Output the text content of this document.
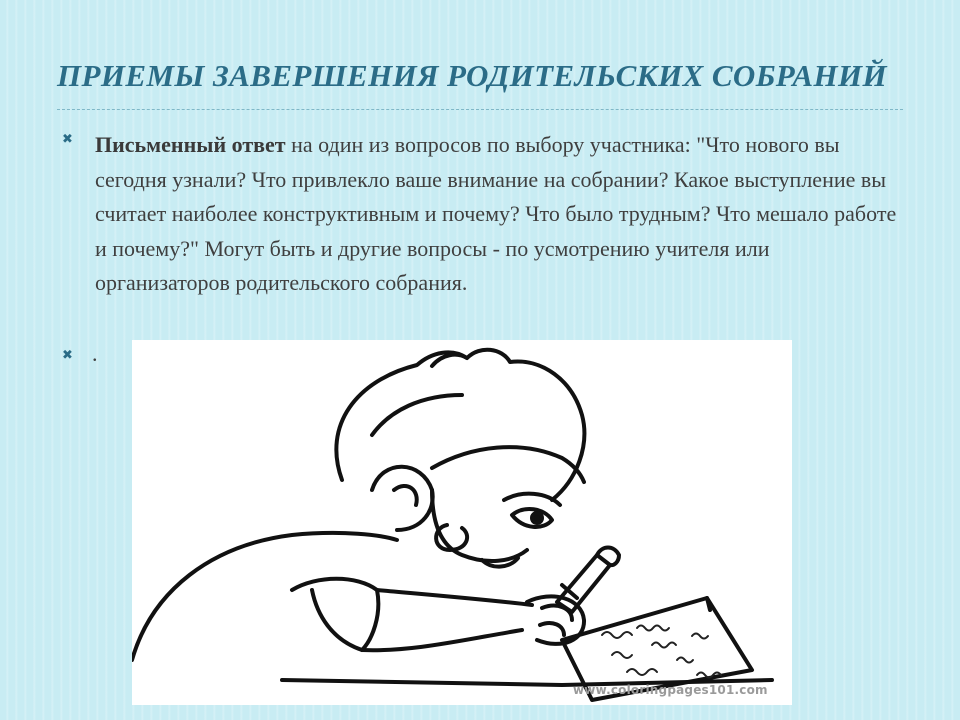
ПРИЕМЫ ЗАВЕРШЕНИЯ РОДИТЕЛЬСКИХ СОБРАНИЙ
✖ Письменный ответ на один из вопросов по выбору участника: "Что нового вы сегодня узнали? Что привлекло ваше внимание на собрании? Какое выступление вы считает наиболее конструктивным и почему? Что было трудным? Что мешало работе и почему?" Могут быть и другие вопросы - по усмотрению учителя или организаторов родительского собрания.

✖ .
www.coloringpages101.com
